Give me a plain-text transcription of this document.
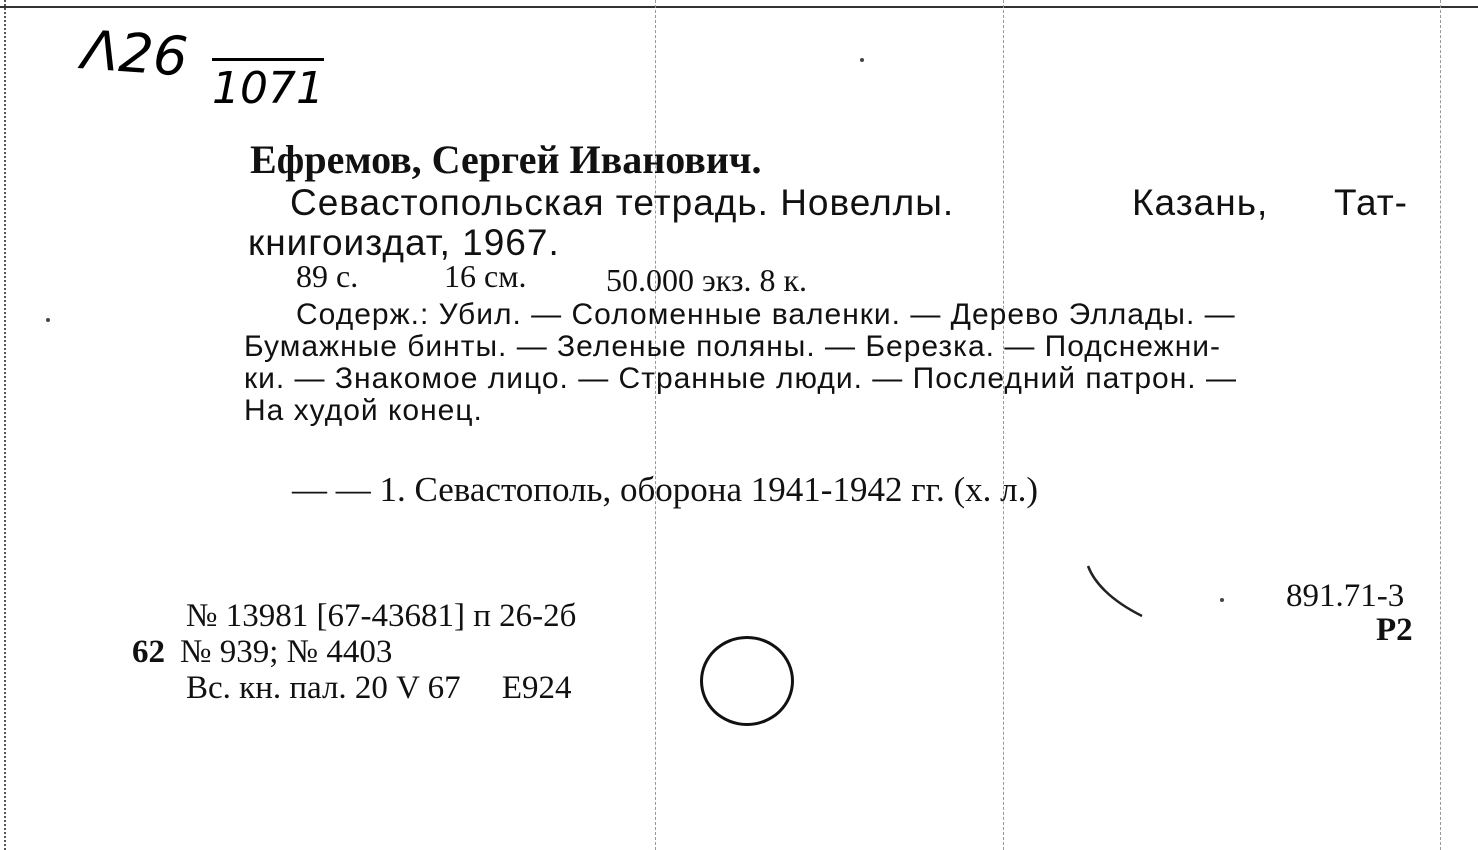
Λ26 1071
Ефремов, Сергей Иванович.
Севастопольская тетрадь. Новеллы.	Казань, Тат-
книгоиздат, 1967.
89 с.	16 см. 50.000 экз. 8 к.
Содерж.: Убил. — Соломенные валенки. — Дерево Эллады. —
Бумажные бинты. — Зеленые поляны. — Березка. — Подснежни-
ки. — Знакомое лицо. — Странные люди. — Последний патрон. —
На худой конец.
— — 1. Севастополь, оборона 1941-1942 гг. (х. л.)
№ 13981 [67-43681] п 26-2б
62 № 939; № 4403
Вс. кн. пал. 20 V 67     Е924
891.71-3
Р2
